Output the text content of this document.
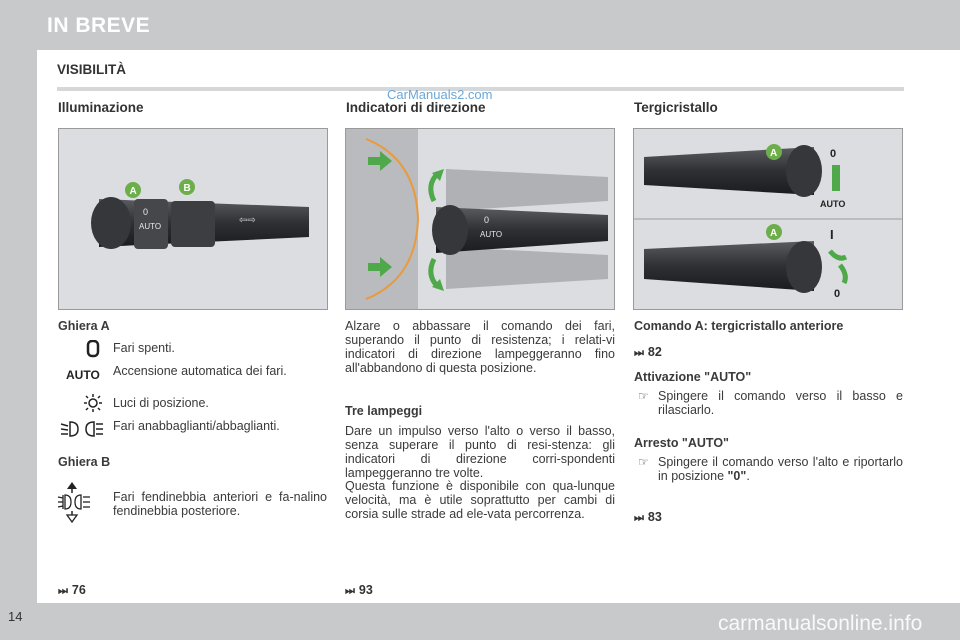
IN BREVE
VISIBILITÀ
CarManuals2.com
Illuminazione
0
AUTO
⇦⇨
A	B
Ghiera A
Fari spenti.
AUTO Accensione automatica dei fari.
Luci di posizione.
Fari anabbaglianti/abbaglianti.
Ghiera B
Fari fendinebbia anteriori e fa-nalino fendinebbia posteriore.
⏭ 76
Indicatori di direzione
0
AUTO
Alzare o abbassare il comando dei fari, superando il punto di resistenza; i relati-vi indicatori di direzione lampeggeranno fino all'abbandono di questa posizione.
Tre lampeggi
Dare un impulso verso l'alto o verso il basso, senza superare il punto di resi-stenza: gli indicatori di direzione corri-spondenti lampeggeranno tre volte.
Questa funzione è disponibile con qua-lunque velocità, ma è utile soprattutto per cambi di corsia sulle strade ad ele-vata percorrenza.
⏭ 93
Tergicristallo
A
A
0
AUTO
I
0
Comando A: tergicristallo anteriore
⏭ 82
Attivazione "AUTO"
☞ Spingere il comando verso il basso e rilasciarlo.
Arresto "AUTO"
☞ Spingere il comando verso l'alto e riportarlo in posizione "0".
⏭ 83
14	carmanualsonline.info
